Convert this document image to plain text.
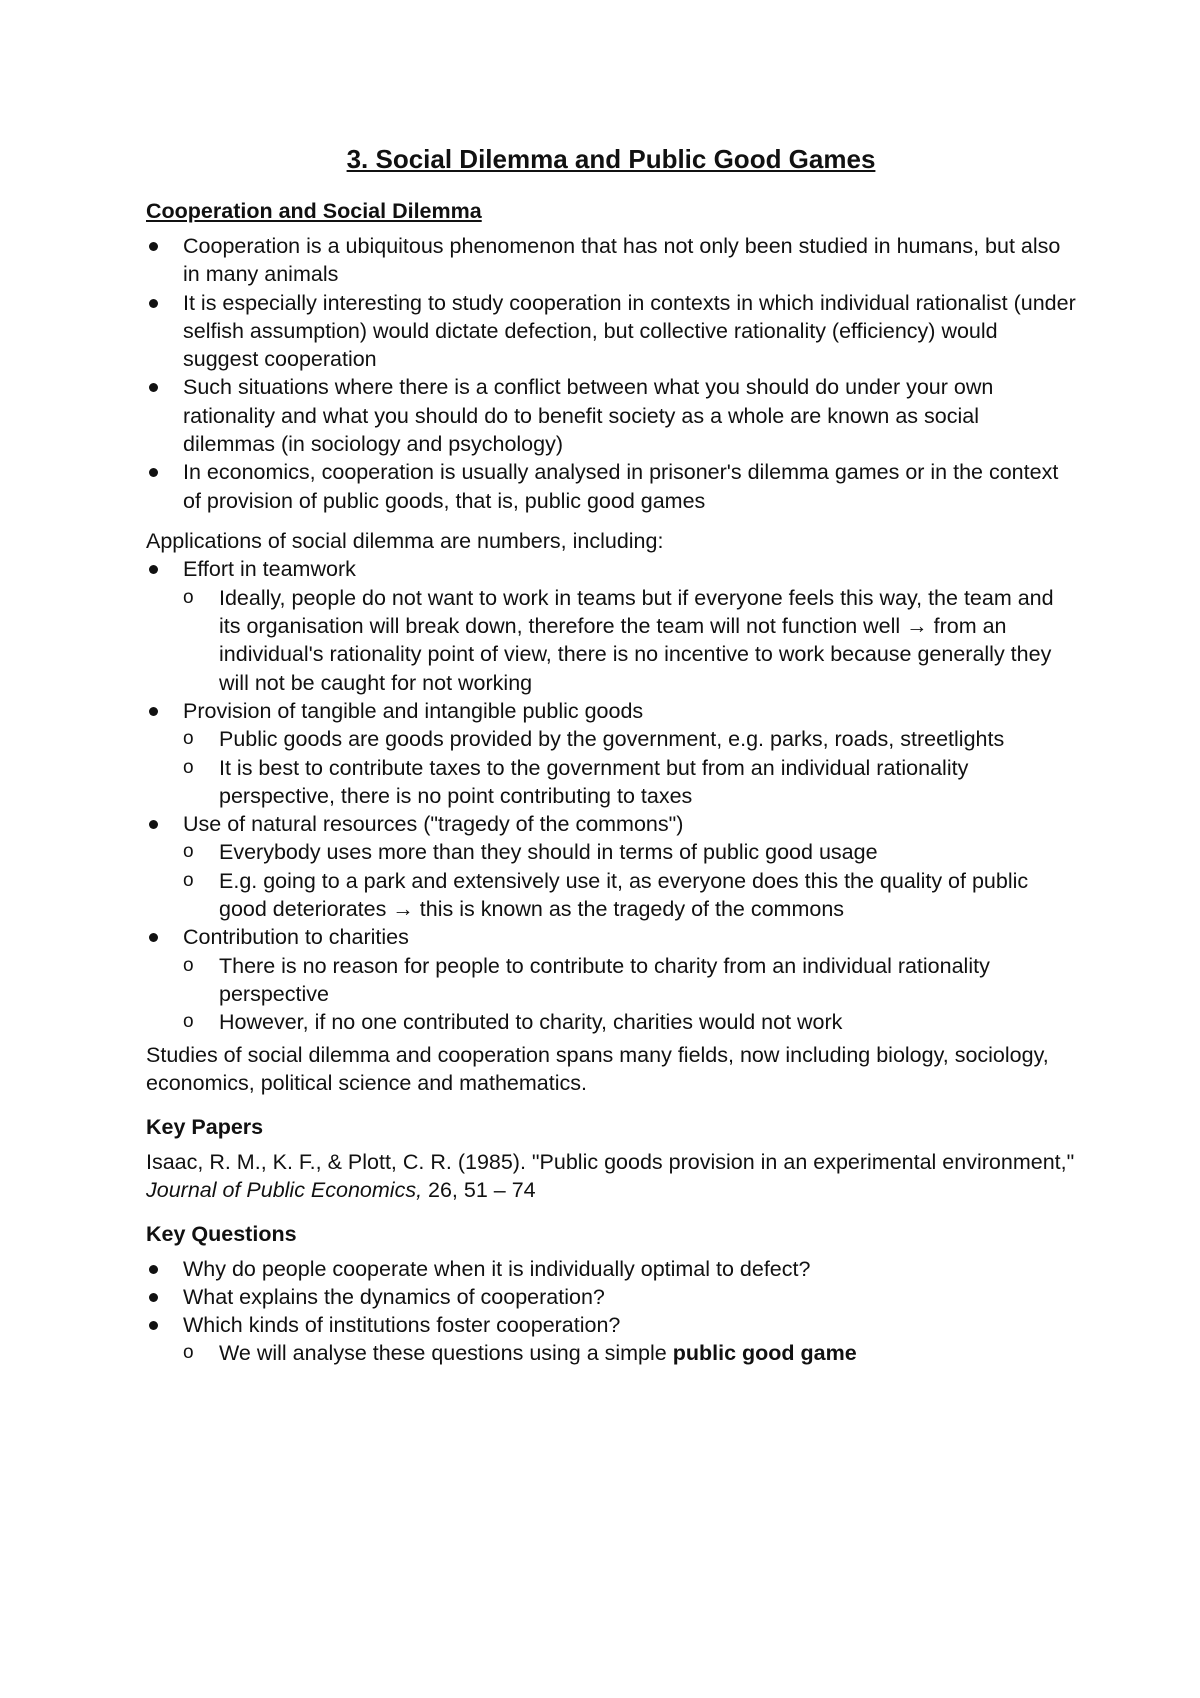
3. Social Dilemma and Public Good Games
Cooperation and Social Dilemma
Cooperation is a ubiquitous phenomenon that has not only been studied in humans, but also in many animals
It is especially interesting to study cooperation in contexts in which individual rationalist (under selfish assumption) would dictate defection, but collective rationality (efficiency) would suggest cooperation
Such situations where there is a conflict between what you should do under your own rationality and what you should do to benefit society as a whole are known as social dilemmas (in sociology and psychology)
In economics, cooperation is usually analysed in prisoner's dilemma games or in the context of provision of public goods, that is, public good games

Applications of social dilemma are numbers, including:

Effort in teamwork
o Ideally, people do not want to work in teams but if everyone feels this way, the team and its organisation will break down, therefore the team will not function well → from an individual's rationality point of view, there is no incentive to work because generally they will not be caught for not working
Provision of tangible and intangible public goods
o Public goods are goods provided by the government, e.g. parks, roads, streetlights
o It is best to contribute taxes to the government but from an individual rationality perspective, there is no point contributing to taxes
Use of natural resources ("tragedy of the commons")
o Everybody uses more than they should in terms of public good usage
o E.g. going to a park and extensively use it, as everyone does this the quality of public good deteriorates → this is known as the tragedy of the commons
Contribution to charities
o There is no reason for people to contribute to charity from an individual rationality perspective
o However, if no one contributed to charity, charities would not work

Studies of social dilemma and cooperation spans many fields, now including biology, sociology, economics, political science and mathematics.

Key Papers

Isaac, R. M., K. F., & Plott, C. R. (1985). "Public goods provision in an experimental environment," Journal of Public Economics, 26, 51 – 74

Key Questions
Why do people cooperate when it is individually optimal to defect?
What explains the dynamics of cooperation?
Which kinds of institutions foster cooperation?
o We will analyse these questions using a simple public good game
